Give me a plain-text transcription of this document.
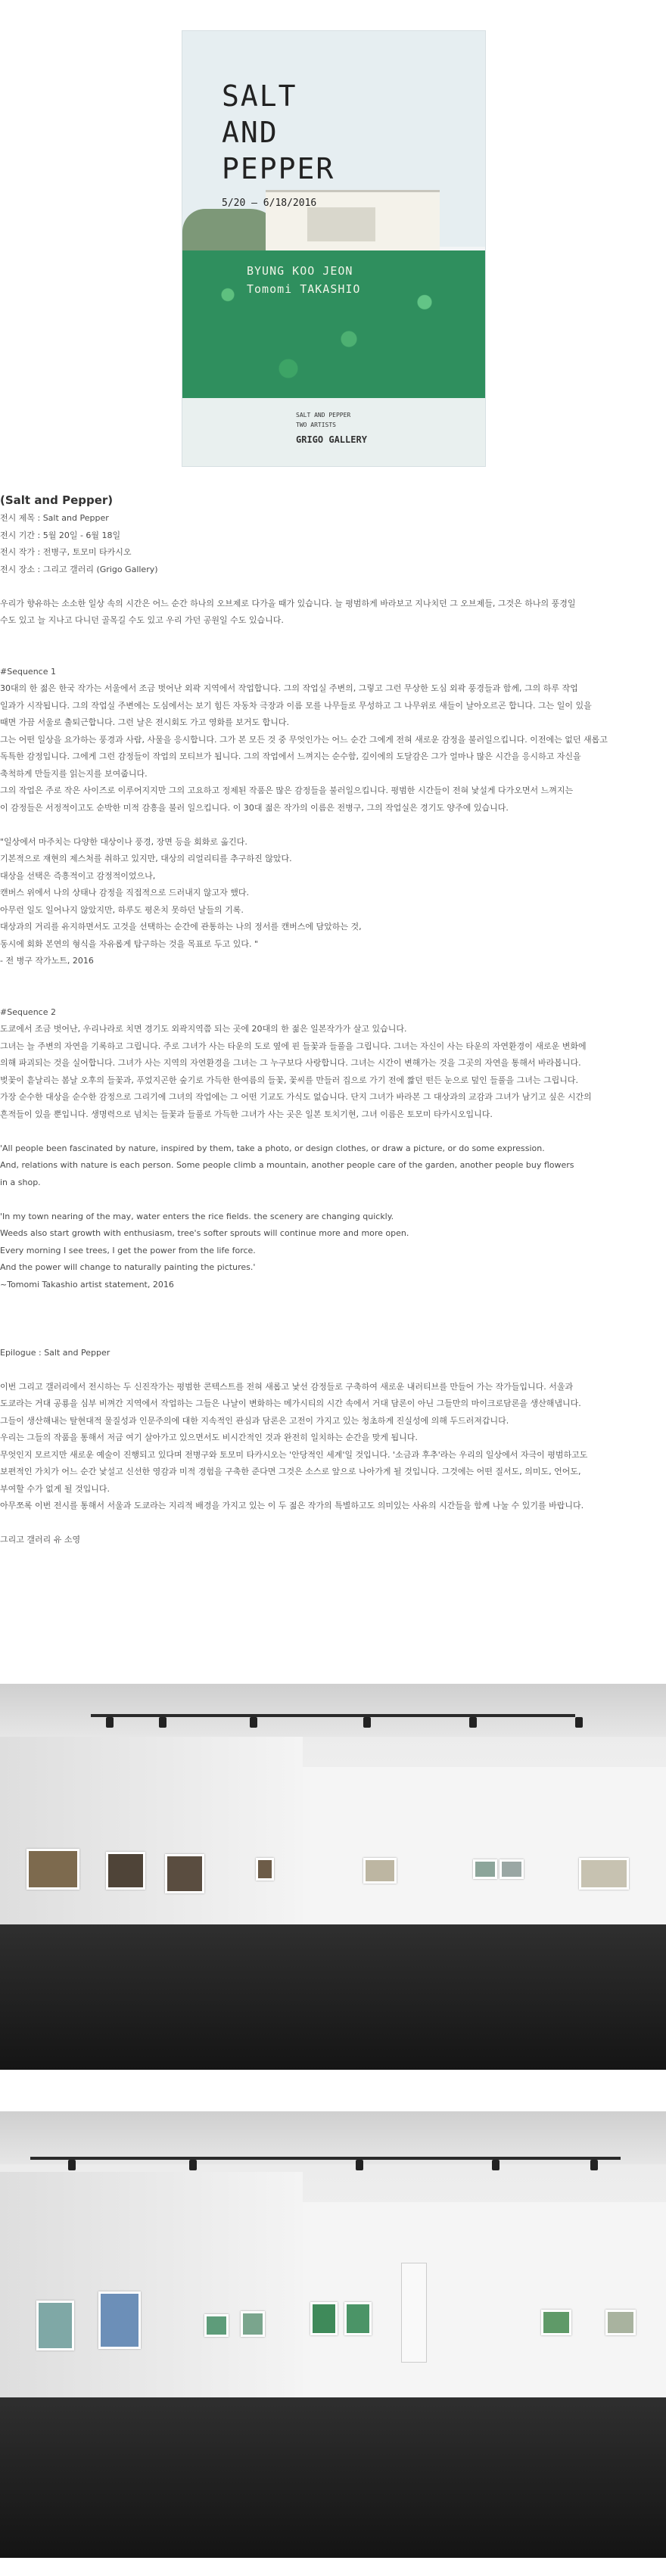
SALT
AND
PEPPER
5/20 — 6/18/2016
BYUNG KOO JEON
Tomomi TAKASHIO
SALT AND PEPPER
TWO ARTISTS
GRIGO GALLERY
(Salt and Pepper)
전시 제목 : Salt and Pepper
전시 기간 : 5월 20일 - 6월 18일
전시 작가 : 전병구, 토모미 타카시오
전시 장소 : 그리고 갤러리 (Grigo Gallery)
우리가 향유하는 소소한 일상 속의 시간은 어느 순간 하나의 오브제로 다가올 때가 있습니다. 늘 평범하게 바라보고 지나치던 그 오브제들, 그것은 하나의 풍경일
수도 있고 늘 지나고 다니던 골목길 수도 있고 우리 가던 공원일 수도 있습니다.
#Sequence 1
30대의 한 젊은 한국 작가는 서울에서 조금 벗어난 외곽 지역에서 작업합니다. 그의 작업실 주변의, 그렇고 그런 무상한 도심 외곽 풍경들과 함께, 그의 하루 작업
일과가 시작됩니다. 그의 작업실 주변에는 도심에서는 보기 힘든 자동차 극장과 이름 모를 나무들로 무성하고 그 나무위로 새들이 날아오르곤 합니다. 그는 일이 있을
때면 가끔 서울로 출퇴근합니다. 그런 날은 전시회도 가고 영화를 보거도 합니다.
그는 어떤 일상을 요가하는 풍경과 사람, 사물을 응시합니다. 그가 본 모든 것 중 무엇인가는 어느 순간 그에게 전혀 새로운 감정을 불러일으킵니다. 이전에는 없던 새롭고
독특한 감정입니다. 그에게 그런 감정들이 작업의 모티브가 됩니다. 그의 작업에서 느껴지는 순수함, 깊이에의 도달감은 그가 얼마나 많은 시간을 응시하고 자신을
축척하게 만들지를 읽는지를 보여줍니다.
그의 작업은 주로 작은 사이즈로 이루어지지만 그의 고요하고 정제된 작품은 많은 감정들을 불러일으킵니다. 평범한 시간들이 전혀 낯설게 다가오면서 느껴지는
이 감정들은 서정적이고도 순박한 미적 감흥을 불러 일으킵니다. 이 30대 젊은 작가의 이름은 전병구, 그의 작업실은 경기도 양주에 있습니다.
"일상에서 마주치는 다양한 대상이나 풍경, 장면 등을 회화로 옮긴다.
기본적으로 재현의 제스처를 취하고 있지만, 대상의 리얼리티를 추구하진 않았다.
대상을 선택은 즉흥적이고 감정적이었으나,
캔버스 위에서 나의 상태나 감정을 직접적으로 드러내지 않고자 했다.
아무런 일도 일어나지 않았지만, 하루도 평온치 못하던 날들의 기록.
대상과의 거리를 유지하면서도 고것을 선택하는 순간에 관통하는 나의 정서를 캔버스에 담았하는 것,
동시에 회화 본연의 형식을 자유롭게 탐구하는 것을 목표로 두고 있다. "
- 전 병구 작가노트, 2016
#Sequence 2
도쿄에서 조금 벗어난, 우리나라로 치면 경기도 외곽지역쯤 되는 곳에 20대의 한 젊은 일본작가가 살고 있습니다.
그녀는 늘 주변의 자연을 기록하고 그립니다. 주로 그녀가 사는 타운의 도로 옆에 핀 들꽃과 들풀을 그립니다. 그녀는 자신이 사는 타운의 자연환경이 새로운 변화에
의해 파괴되는 것을 실어합니다. 그녀가 사는 지역의 자연환경을 그녀는 그 누구보다 사랑합니다. 그녀는 시간이 변해가는 것을 그곳의 자연을 통해서 바라봅니다.
벚꽃이 흩날리는 봄날 오후의 들꽃과, 푸었지곤한 숲기로 가득한 한여름의 들꽃, 꽃씨를 만들러 집으로 가기 전에 짧던 떤든 눈으로 덮인 들풀을 그녀는 그립니다.
가장 순수한 대상을 순수한 감정으로 그리기에 그녀의 작업에는 그 어떤 기교도 가식도 없습니다. 단지 그녀가 바라본 그 대상과의 교감과 그녀가 남기고 싶은 시간의
흔적들이 있을 뿐입니다. 생명력으로 넘치는 들꽃과 들풀로 가득한 그녀가 사는 곳은 일본 토치기현, 그녀 이름은 토모미 타카시오입니다.
'All people been fascinated by nature, inspired by them, take a photo, or design clothes, or draw a picture, or do some expression.
And, relations with nature is each person. Some people climb a mountain, another people care of the garden, another people buy flowers
in a shop.
'In my town nearing of the may, water enters the rice fields. the scenery are changing quickly.
Weeds also start growth with enthusiasm, tree's softer sprouts will continue more and more open.
Every morning I see trees, I get the power from the life force.
And the power will change to naturally painting the pictures.'
~Tomomi Takashio artist statement, 2016
Epilogue : Salt and Pepper
이번 그리고 갤러리에서 전시하는 두 신진작가는 평범한 콘텍스트를 전혀 새롭고 낯선 감정들로 구축하여 새로운 내러티브를 만들어 가는 작가들입니다. 서울과
도쿄라는 거대 공룡을 심부 비껴간 지역에서 작업하는 그들은 나날이 변화하는 메가시티의 시간 속에서 거대 담론이 아닌 그들만의 마이크로담론을 생산해냅니다.
그들이 생산해내는 탈현대적 물질성과 인문주의에 대한 지속적인 관심과 담론은 고전이 가지고 있는 청초하게 진실성에 의해 두드러져갑니다.
우리는 그들의 작품을 통해서 저금 여기 살아가고 있으면서도 비시간적인 것과 완전히 일치하는 순간을 맞게 됩니다.
무엇인지 모르지만 새로운 예술이 진행되고 있다며 전병구와 토모미 타카시오는 '안당적인 세계'일 것입니다. '소금과 후추'라는 우리의 일상에서 자극이 평범하고도
보편적인 가치가 어느 순간 낯설고 신선한 영감과 미적 경험을 구축한 준다면 그것은 소스로 앞으로 나아가게 될 것입니다. 그것에는 어떤 질서도, 의미도, 언어도,
부여할 수가 없게 될 것입니다.
아무쪼록 이번 전시를 통해서 서울과 도쿄라는 지리적 배경을 가지고 있는 이 두 젊은 작가의 특별하고도 의미있는 사유의 시간들을 함께 나눌 수 있기를 바랍니다.
그리고 갤러리 유 소영
